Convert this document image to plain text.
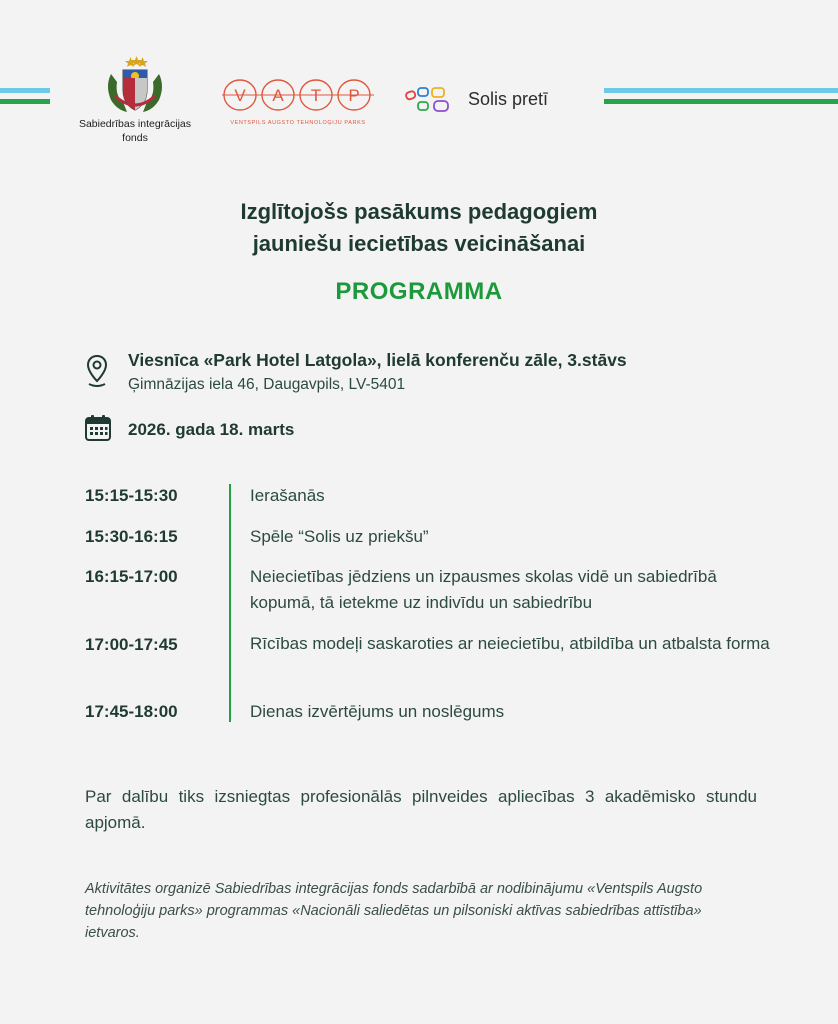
Sabiedrības integrācijas
fonds
V A T P
VENTSPILS AUGSTO TEHNOLOĢIJU PARKS
Solis pretī
Izglītojošs pasākums pedagogiem
jauniešu iecietības veicināšanai
PROGRAMMA
Viesnīca «Park Hotel Latgola», lielā konferenču zāle, 3.stāvs
Ģimnāzijas iela 46, Daugavpils, LV-5401
2026. gada 18. marts
15:15-15:30	Ierašanās
15:30-16:15	Spēle “Solis uz priekšu”
16:15-17:00	Neiecietības jēdziens un izpausmes skolas vidē un sabiedrībā kopumā, tā ietekme uz indivīdu un sabiedrību
17:00-17:45	Rīcības modeļi saskaroties ar neiecietību, atbildība un atbalsta forma
17:45-18:00	Dienas izvērtējums un noslēgums
Par dalību tiks izsniegtas profesionālās pilnveides apliecības 3 akadēmisko stundu apjomā.
Aktivitātes organizē Sabiedrības integrācijas fonds sadarbībā ar nodibinājumu «Ventspils Augsto tehnoloģiju parks» programmas «Nacionāli saliedētas un pilsoniski aktīvas sabiedrības attīstība» ietvaros.
